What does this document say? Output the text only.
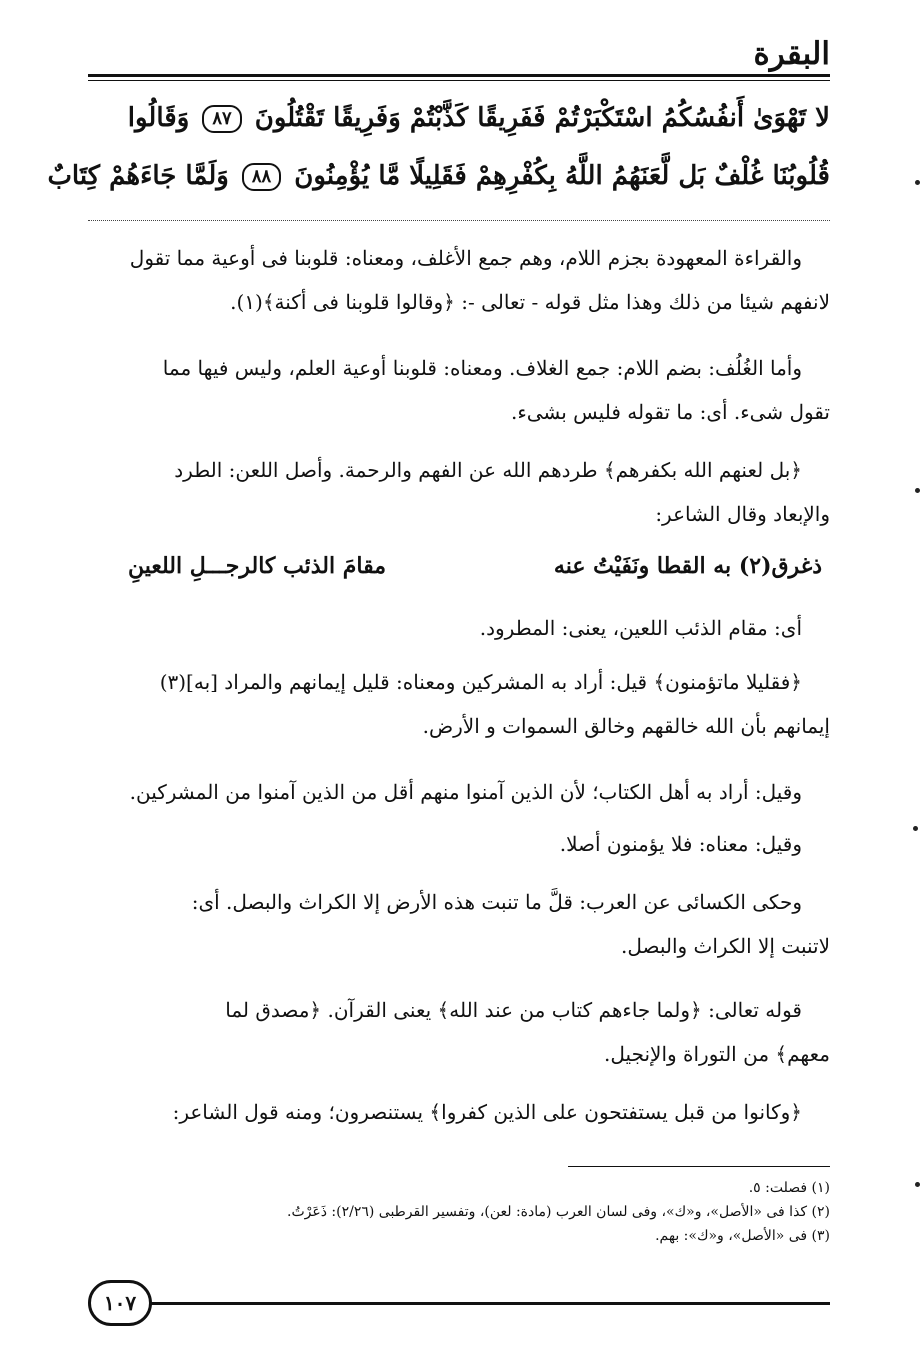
البقرة
لا تَهْوَىٰ أَنفُسُكُمُ اسْتَكْبَرْتُمْ فَفَرِيقًا كَذَّبْتُمْ وَفَرِيقًا تَقْتُلُونَ ٨٧ وَقَالُوا
قُلُوبُنَا غُلْفٌ بَل لَّعَنَهُمُ اللَّهُ بِكُفْرِهِمْ فَقَلِيلًا مَّا يُؤْمِنُونَ ٨٨ وَلَمَّا جَاءَهُمْ كِتَابٌ
والقراءة المعهودة بجزم اللام، وهم جمع الأغلف، ومعناه: قلوبنا فى أوعية مما تقول
لانفهم شيئا من ذلك وهذا مثل قوله - تعالى -: ﴿وقالوا قلوبنا فى أكنة﴾(١).
وأما الغُلُف: بضم اللام: جمع الغلاف. ومعناه: قلوبنا أوعية العلم، وليس فيها مما
تقول شىء. أى: ما تقوله فليس بشىء.
﴿بل لعنهم الله بكفرهم﴾ طردهم الله عن الفهم والرحمة. وأصل اللعن: الطرد
والإبعاد وقال الشاعر:
ذغرق(٢) به القطا ونَفَيْتُ عنه
مقامَ الذئب كالرجـــلِ اللعينِ
أى: مقام الذئب اللعين، يعنى: المطرود.
﴿فقليلا ماتؤمنون﴾ قيل: أراد به المشركين ومعناه: قليل إيمانهم والمراد [به](٣)
إيمانهم بأن الله خالقهم وخالق السموات و الأرض.
وقيل: أراد به أهل الكتاب؛ لأن الذين آمنوا منهم أقل من الذين آمنوا من المشركين.
وقيل: معناه: فلا يؤمنون أصلا.
وحكى الكسائى عن العرب: قلَّ ما تنبت هذه الأرض إلا الكراث والبصل. أى:
لاتنبت إلا الكراث والبصل.
قوله تعالى: ﴿ولما جاءهم كتاب من عند الله﴾ يعنى القرآن. ﴿مصدق لما
معهم﴾ من التوراة والإنجيل.
﴿وكانوا من قبل يستفتحون على الذين كفروا﴾ يستنصرون؛ ومنه قول الشاعر:
(١) فصلت: ٥.
(٢) كذا فى «الأصل»، و«ك»، وفى لسان العرب (مادة: لعن)، وتفسير القرطبى (٢/٢٦): ذَعَرْتُ.
(٣) فى «الأصل»، و«ك»: بهم.
١٠٧
